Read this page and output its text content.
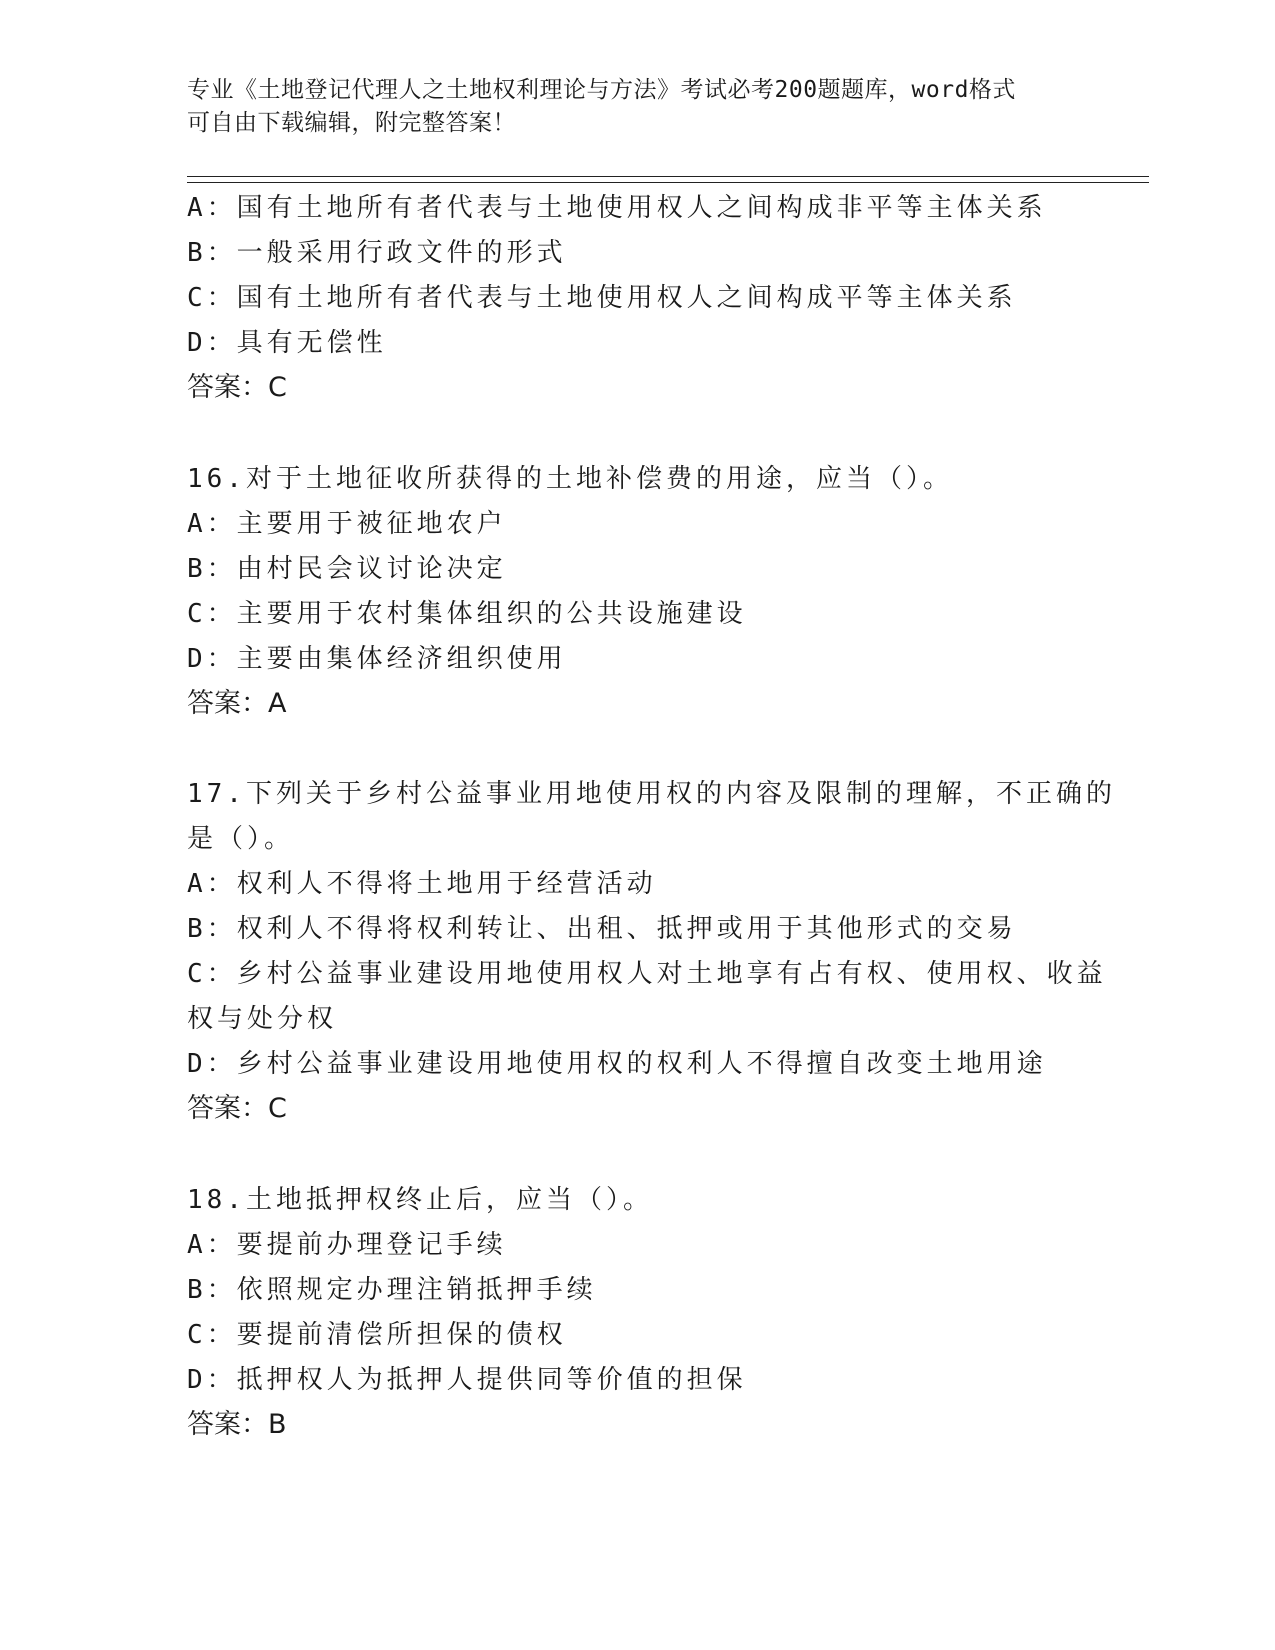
专业《土地登记代理人之土地权利理论与方法》考试必考200题题库，word格式
可自由下载编辑，附完整答案！
A：国有土地所有者代表与土地使用权人之间构成非平等主体关系
B：一般采用行政文件的形式
C：国有土地所有者代表与土地使用权人之间构成平等主体关系
D：具有无偿性
答案：C
16.对于土地征收所获得的土地补偿费的用途，应当（）。
A：主要用于被征地农户
B：由村民会议讨论决定
C：主要用于农村集体组织的公共设施建设
D：主要由集体经济组织使用
答案：A
17.下列关于乡村公益事业用地使用权的内容及限制的理解，不正确的
是（）。
A：权利人不得将土地用于经营活动
B：权利人不得将权利转让、出租、抵押或用于其他形式的交易
C：乡村公益事业建设用地使用权人对土地享有占有权、使用权、收益
权与处分权
D：乡村公益事业建设用地使用权的权利人不得擅自改变土地用途
答案：C
18.土地抵押权终止后，应当（）。
A：要提前办理登记手续
B：依照规定办理注销抵押手续
C：要提前清偿所担保的债权
D：抵押权人为抵押人提供同等价值的担保
答案：B
